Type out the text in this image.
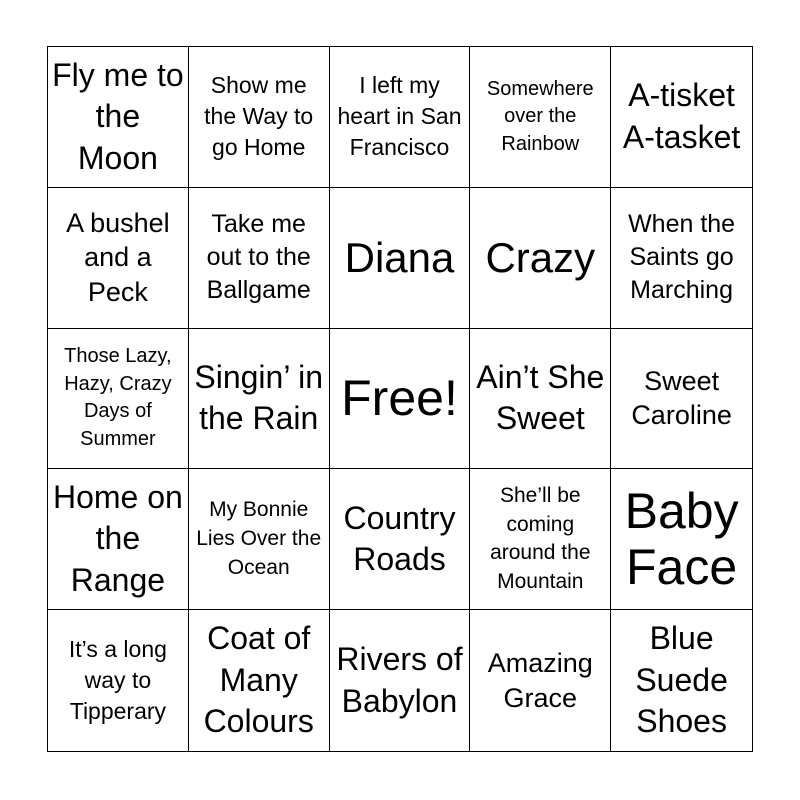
Fly me to the Moon
Show me the Way to go Home
I left my heart in San Francisco
Somewhere over the Rainbow
A-tisket A-tasket
A bushel and a Peck
Take me out to the Ballgame
Diana Crazy
When the Saints go Marching
Those Lazy, Hazy, Crazy Days of Summer
Singin’ in the Rain Free! Ain’t She Sweet
Sweet Caroline
Home on the Range
My Bonnie Lies Over the Ocean
Country Roads
She’ll be coming around the Mountain
Baby Face
It’s a long way to Tipperary
Coat of Many Colours
Rivers of Babylon
Amazing Grace
Blue Suede Shoes
